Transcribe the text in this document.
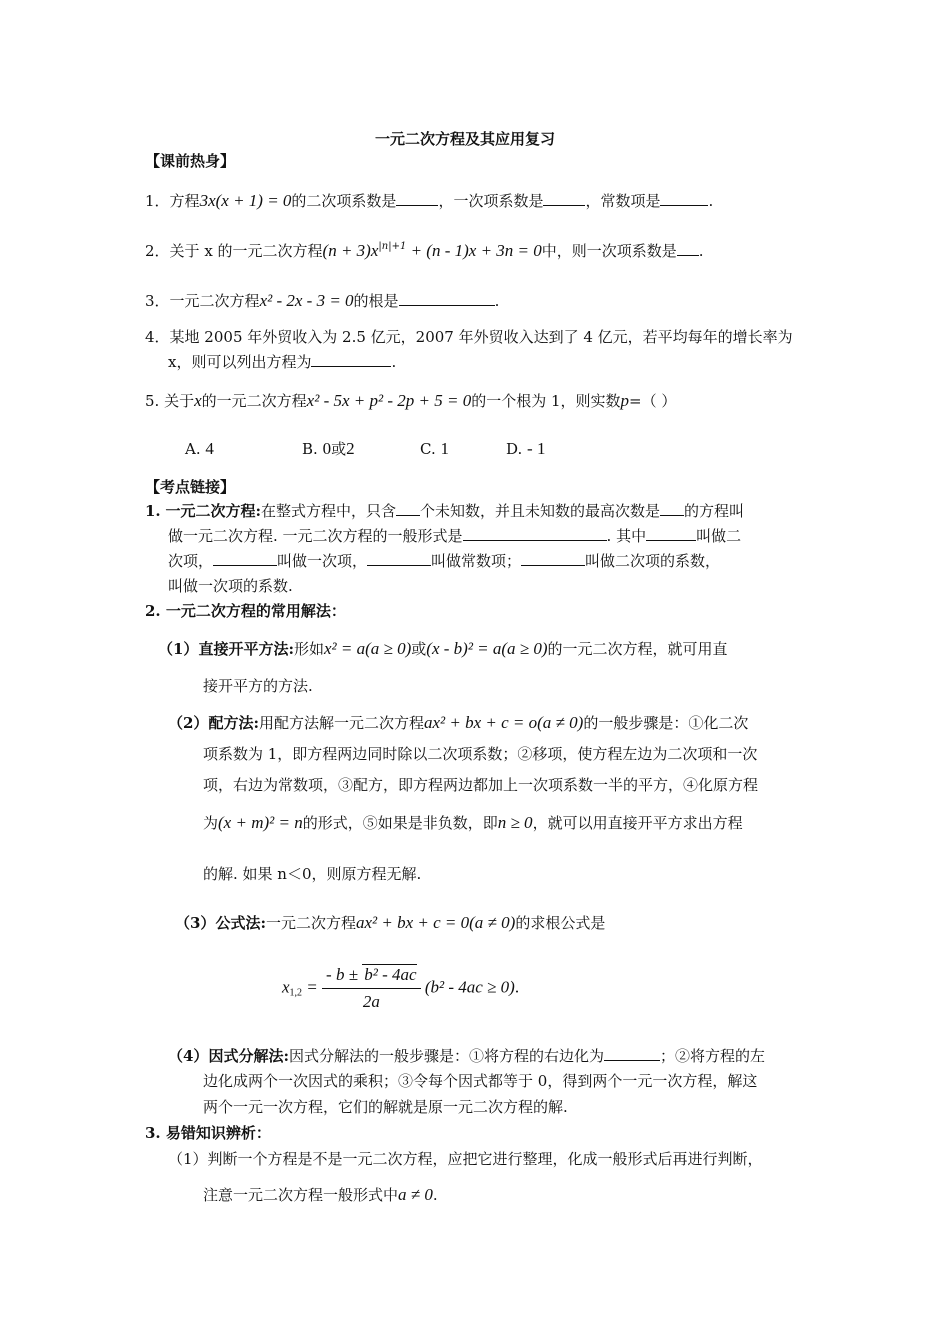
一元二次方程及其应用复习
【课前热身】
1．方程3x(x + 1) = 0的二次项系数是	，一次项系数是	，常数项是	.
2．关于 x 的一元二次方程$(n + 3)x^{|n|+1} + (n - 1)x + 3n = 0$中，则一次项系数是 .
3．一元二次方程x² - 2x - 3 = 0的根是	.
4．某地 2005 年外贸收入为 2.5 亿元，2007 年外贸收入达到了 4 亿元，若平均每年的增长率为
x，则可以列出方程为	.
5. 关于x的一元二次方程x² - 5x + p² - 2p + 5 = 0的一个根为 1，则实数p=（ ）
A. 4	B. 0或2	C. 1	D. - 1
【考点链接】
1. 一元二次方程:在整式方程中，只含 个未知数，并且未知数的最高次数是 的方程叫
做一元二次方程. 一元二次方程的一般形式是	. 其中	叫做二
次项，	叫做一次项，	叫做常数项；	叫做二次项的系数，
叫做一次项的系数.
2. 一元二次方程的常用解法：
（1）直接开平方法:形如x² = a(a ≥ 0)或(x - b)² = a(a ≥ 0)的一元二次方程，就可用直
接开平方的方法.
（2）配方法:用配方法解一元二次方程ax² + bx + c = o(a ≠ 0)的一般步骤是：①化二次
项系数为 1，即方程两边同时除以二次项系数；②移项，使方程左边为二次项和一次
项，右边为常数项，③配方，即方程两边都加上一次项系数一半的平方，④化原方程
为(x + m)² = n的形式，⑤如果是非负数，即n ≥ 0，就可以用直接开平方求出方程
的解. 如果 n＜0，则原方程无解.
（3）公式法:一元二次方程ax² + bx + c = 0(a ≠ 0)的求根公式是
$x_{1,2} = \frac{\text{- b ± b² - 4ac}}{2a} (b^2 - 4ac \ge 0)$.
（4）因式分解法:因式分解法的一般步骤是：①将方程的右边化为	；②将方程的左
边化成两个一次因式的乘积；③令每个因式都等于 0，得到两个一元一次方程，解这
两个一元一次方程，它们的解就是原一元二次方程的解.
3. 易错知识辨析：
（1）判断一个方程是不是一元二次方程，应把它进行整理，化成一般形式后再进行判断，
注意一元二次方程一般形式中a ≠ 0.
